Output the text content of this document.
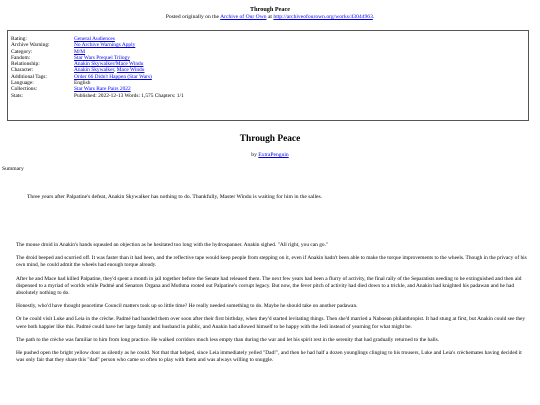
Through Peace
Posted originally on the Archive of Our Own at http://archiveofourown.org/works/43044963.
Rating:	General Audiences
Archive Warning:	No Archive Warnings Apply
Category:	M/M
Fandom:	Star Wars Prequel Trilogy
Relationship:	Anakin Skywalker/Mace Windu
Character:	Anakin Skywalker, Mace Windu
Additional Tags:	Order 66 Didn't Happen (Star Wars)
Language:	English
Collections:	Star Wars Rare Pairs 2022
Stats:	Published: 2022-12-13 Words: 1,575 Chapters: 1/1
Through Peace
by ExtraPenguin
Summary
Three years after Palpatine's defeat, Anakin Skywalker has nothing to do. Thankfully, Master Windu is waiting for him in the salles.

The mouse droid in Anakin's hands squealed an objection as he hesitated too long with the hydrospanner. Anakin sighed. "All right, you can go."

The droid beeped and scurried off. It was faster than it had been, and the reflective tape would keep people from stepping on it, even if Anakin hadn't been able to make the torque improvements to the wheels. Though in the privacy of his own mind, he could admit the wheels had enough torque already.

After he and Mace had killed Palpatine, they'd spent a month in jail together before the Senate had released them. The next few years had been a flurry of activity, the final rally of the Separatists needing to be extinguished and then aid dispensed to a myriad of worlds while Padmé and Senators Organa and Mothma rooted out Palpatine's corrupt legacy. But now, the fever pitch of activity had died down to a trickle, and Anakin had knighted his padawan and he had absolutely nothing to do.

Honestly, who'd have thought peacetime Council matters took up so little time? He really needed something to do. Maybe he should take on another padawan.

Or he could visit Luke and Leia in the crèche. Padmé had handed them over soon after their first birthday, when they'd started levitating things. Then she'd married a Naboean philanthropist. It had stung at first, but Anakin could see they were both happier like this. Padmé could have her large family and husband in public, and Anakin had allowed himself to be happy with the Jedi instead of yearning for what might be.

The path to the crèche was familiar to him from long practice. He walked corridors much less empty than during the war and let his spirit rest in the serenity that had gradually returned to the halls.

He pushed open the bright yellow door as silently as he could. Not that that helped, since Leia immediately yelled "Dad!", and then he had half a dozen younglings clinging to his trousers, Luke and Leia's crèchemates having decided it was only fair that they share this "dad" person who came so often to play with them and was always willing to snuggle.
